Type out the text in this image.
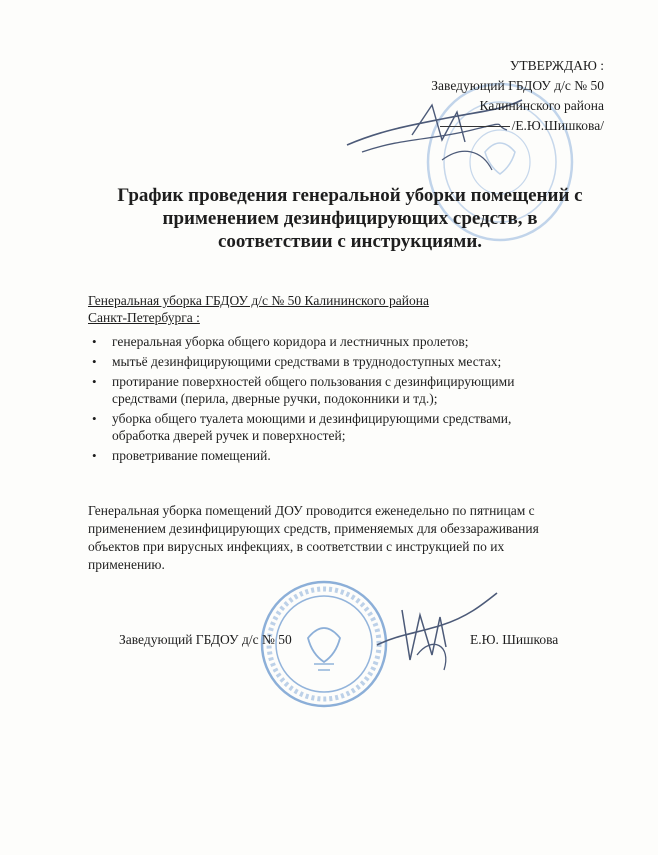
УТВЕРЖДАЮ :
Заведующий ГБДОУ д/с № 50
Калининского района
/Е.Ю.Шишкова/
График проведения генеральной уборки помещений с
применением дезинфицирующих средств, в
соответствии с инструкциями.
Генеральная уборка ГБДОУ д/с № 50 Калининского района
Санкт-Петербурга :
• генеральная уборка общего коридора и лестничных пролетов;
• мытьё дезинфицирующими средствами в труднодоступных местах;
• протирание поверхностей общего пользования с дезинфицирующими
средствами (перила, дверные ручки, подоконники и тд.);
• уборка общего туалета моющими и дезинфицирующими средствами,
обработка дверей ручек и поверхностей;
• проветривание помещений.
Генеральная уборка помещений ДОУ проводится еженедельно по пятницам с
применением дезинфицирующих средств, применяемых для обеззараживания
объектов при вирусных инфекциях, в соответствии с инструкцией по их
применению.
Заведующий ГБДОУ д/с № 50	Е.Ю. Шишкова
